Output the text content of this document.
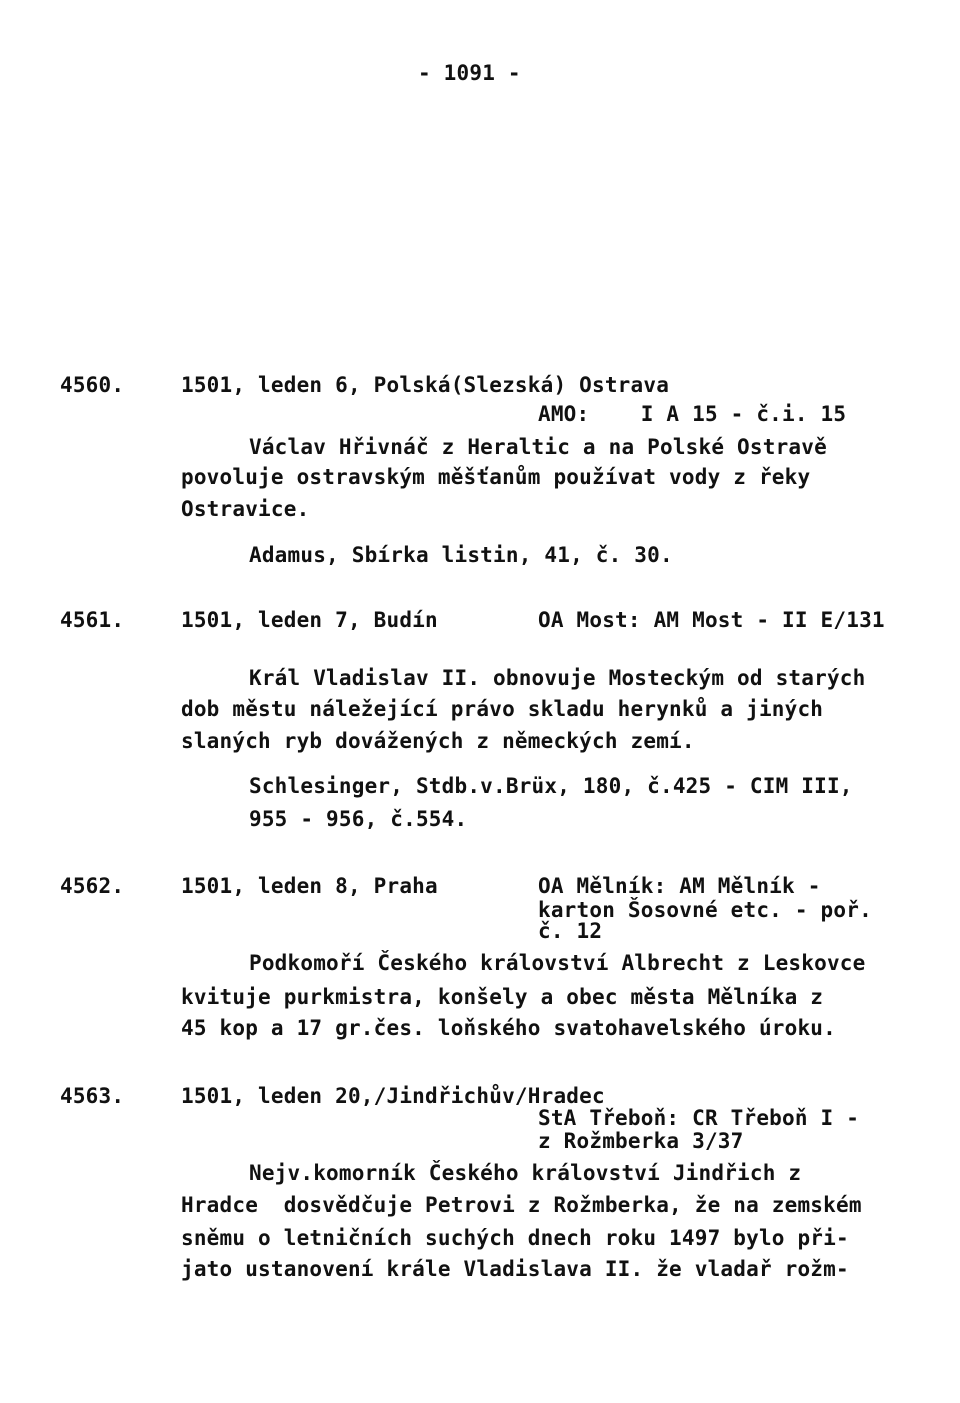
- 1091 -
4560.	1501, leden 6, Polská(Slezská) Ostrava
AMO:    I A 15 - č.i. 15
Václav Hřivnáč z Heraltic a na Polské Ostravě
povoluje ostravským měšťanům používat vody z řeky
Ostravice.
Adamus, Sbírka listin, 41, č. 30.
4561.	1501, leden 7, Budín	OA Most: AM Most - II E/131
Král Vladislav II. obnovuje Mosteckým od starých
dob městu náležející právo skladu herynků a jiných
slaných ryb dovážených z německých zemí.
Schlesinger, Stdb.v.Brüx, 180, č.425 - CIM III,
955 - 956, č.554.
4562.	1501, leden 8, Praha	OA Mělník: AM Mělník -
karton Šosovné etc. - poř.
č. 12
Podkomoří Českého království Albrecht z Leskovce
kvituje purkmistra, konšely a obec města Mělníka z
45 kop a 17 gr.čes. loňského svatohavelského úroku.
4563.	1501, leden 20,/Jindřichův/Hradec
StA Třeboň: CR Třeboň I -
z Rožmberka 3/37
Nejv.komorník Českého království Jindřich z
Hradce  dosvědčuje Petrovi z Rožmberka, že na zemském
sněmu o letničních suchých dnech roku 1497 bylo při-
jato ustanovení krále Vladislava II. že vladař rožm-
